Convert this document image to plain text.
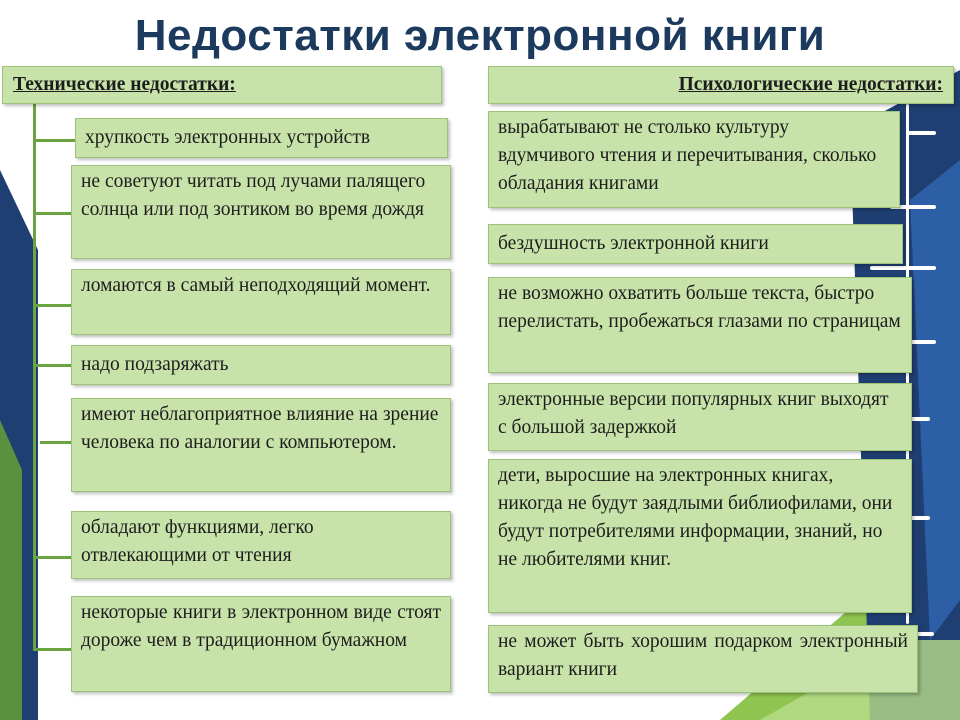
Недостатки электронной книги
Технические недостатки:
хрупкость электронных устройств
не советуют читать под лучами палящего солнца или под зонтиком во время дождя
ломаются в самый неподходящий момент.
надо подзаряжать
имеют неблагоприятное влияние на зрение человека по аналогии с компьютером.
обладают функциями, легко отвлекающими от чтения
некоторые книги в электронном виде стоят дороже чем в традиционном бумажном
Психологические недостатки:
вырабатывают не столько культуру вдумчивого чтения и перечитывания, сколько обладания книгами
бездушность электронной книги
не возможно охватить больше текста, быстро перелистать, пробежаться глазами по страницам
электронные версии популярных книг выходят с большой задержкой
дети, выросшие на электронных книгах, никогда не будут заядлыми библиофилами, они будут потребителями информации, знаний, но не любителями книг.
не может быть хорошим подарком электронный вариант книги
